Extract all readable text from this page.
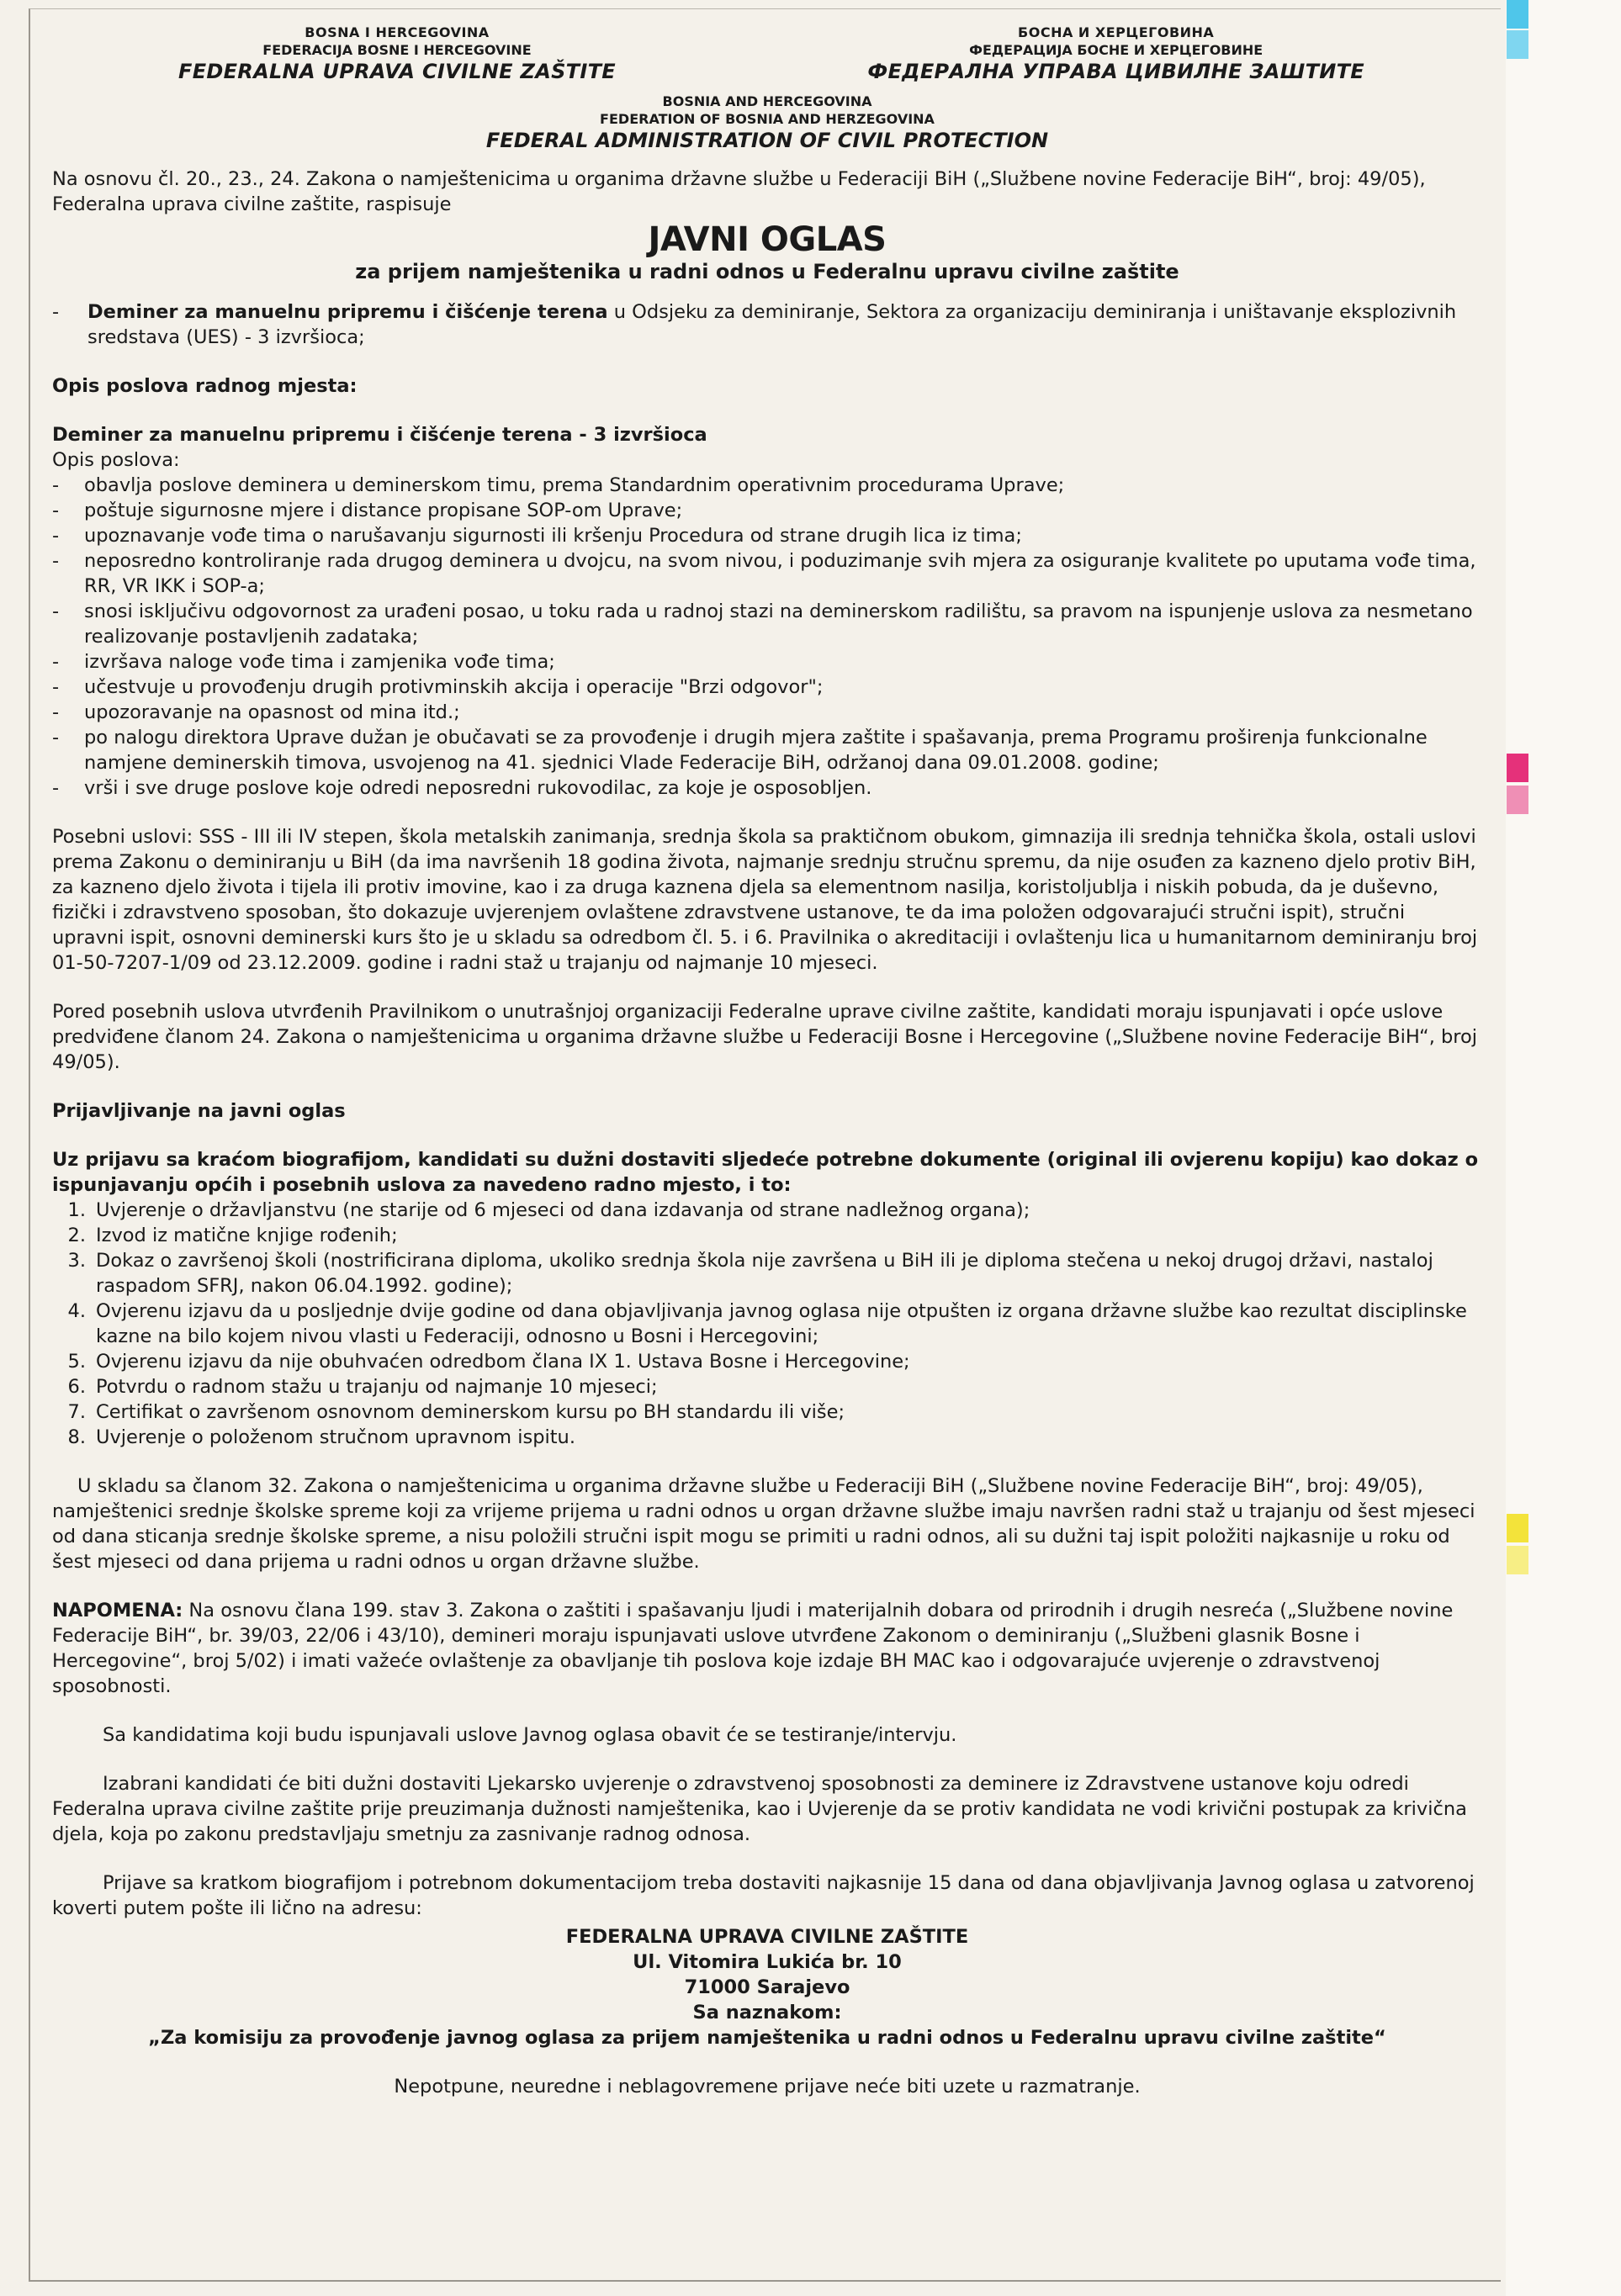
BOSNA I HERCEGOVINA
FEDERACIJA BOSNE I HERCEGOVINE
FEDERALNA UPRAVA CIVILNE ZAŠTITE
БОСНА И ХЕРЦЕГОВИНА
ФЕДЕРАЦИЈА БОСНЕ И ХЕРЦЕГОВИНЕ
ФЕДЕРАЛНА УПРАВА ЦИВИЛНЕ ЗАШТИТЕ
BOSNIA AND HERCEGOVINA
FEDERATION OF BOSNIA AND HERZEGOVINA
FEDERAL ADMINISTRATION OF CIVIL PROTECTION

Na osnovu čl. 20., 23., 24. Zakona o namještenicima u organima državne službe u Federaciji BiH („Službene novine Federacije BiH“, broj: 49/05), Federalna uprava civilne zaštite, raspisuje

JAVNI OGLAS
za prijem namještenika u radni odnos u Federalnu upravu civilne zaštite
-	Deminer za manuelnu pripremu i čišćenje terena u Odsjeku za deminiranje, Sektora za organizaciju deminiranja i uništavanje eksplozivnih sredstava (UES) - 3 izvršioca;

Opis poslova radnog mjesta:

Deminer za manuelnu pripremu i čišćenje terena - 3 izvršioca

Opis poslova:

-	obavlja poslove deminera u deminerskom timu, prema Standardnim operativnim procedurama Uprave;
-	poštuje sigurnosne mjere i distance propisane SOP-om Uprave;
-	upoznavanje vođe tima o narušavanju sigurnosti ili kršenju Procedura od strane drugih lica iz tima;
-	neposredno kontroliranje rada drugog deminera u dvojcu, na svom nivou, i poduzimanje svih mjera za osiguranje kvalitete po uputama vođe tima, RR, VR IKK i SOP-a;
-	snosi isključivu odgovornost za urađeni posao, u toku rada u radnoj stazi na deminerskom radilištu, sa pravom na ispunjenje uslova za nesmetano realizovanje postavljenih zadataka;
-	izvršava naloge vođe tima i zamjenika vođe tima;
-	učestvuje u provođenju drugih protivminskih akcija i operacije "Brzi odgovor";
-	upozoravanje na opasnost od mina itd.;
-	po nalogu direktora Uprave dužan je obučavati se za provođenje i drugih mjera zaštite i spašavanja, prema Programu proširenja funkcionalne namjene deminerskih timova, usvojenog na 41. sjednici Vlade Federacije BiH, održanoj dana 09.01.2008. godine;
-	vrši i sve druge poslove koje odredi neposredni rukovodilac, za koje je osposobljen.

Posebni uslovi: SSS - III ili IV stepen, škola metalskih zanimanja, srednja škola sa praktičnom obukom, gimnazija ili srednja tehnička škola, ostali uslovi prema Zakonu o deminiranju u BiH (da ima navršenih 18 godina života, najmanje srednju stručnu spremu, da nije osuđen za kazneno djelo protiv BiH, za kazneno djelo života i tijela ili protiv imovine, kao i za druga kaznena djela sa elementnom nasilja, koristoljublja i niskih pobuda, da je duševno, fizički i zdravstveno sposoban, što dokazuje uvjerenjem ovlaštene zdravstvene ustanove, te da ima položen odgovarajući stručni ispit), stručni upravni ispit, osnovni deminerski kurs što je u skladu sa odredbom čl. 5. i 6. Pravilnika o akreditaciji i ovlaštenju lica u humanitarnom deminiranju broj 01-50-7207-1/09 od 23.12.2009. godine i radni staž u trajanju od najmanje 10 mjeseci.

Pored posebnih uslova utvrđenih Pravilnikom o unutrašnjoj organizaciji Federalne uprave civilne zaštite, kandidati moraju ispunjavati i opće uslove predviđene članom 24. Zakona o namještenicima u organima državne službe u Federaciji Bosne i Hercegovine („Službene novine Federacije BiH“, broj 49/05).

Prijavljivanje na javni oglas

Uz prijavu sa kraćom biografijom, kandidati su dužni dostaviti sljedeće potrebne dokumente (original ili ovjerenu kopiju) kao dokaz o ispunjavanju općih i posebnih uslova za navedeno radno mjesto, i to:

1. Uvjerenje o državljanstvu (ne starije od 6 mjeseci od dana izdavanja od strane nadležnog organa);
2. Izvod iz matične knjige rođenih;
3. Dokaz o završenoj školi (nostrificirana diploma, ukoliko srednja škola nije završena u BiH ili je diploma stečena u nekoj drugoj državi, nastaloj raspadom SFRJ, nakon 06.04.1992. godine);
4. Ovjerenu izjavu da u posljednje dvije godine od dana objavljivanja javnog oglasa nije otpušten iz organa državne službe kao rezultat disciplinske kazne na bilo kojem nivou vlasti u Federaciji, odnosno u Bosni i Hercegovini;
5. Ovjerenu izjavu da nije obuhvaćen odredbom člana IX 1. Ustava Bosne i Hercegovine;
6. Potvrdu o radnom stažu u trajanju od najmanje 10 mjeseci;
7. Certifikat o završenom osnovnom deminerskom kursu po BH standardu ili više;
8. Uvjerenje o položenom stručnom upravnom ispitu.

U skladu sa članom 32. Zakona o namještenicima u organima državne službe u Federaciji BiH („Službene novine Federacije BiH“, broj: 49/05), namještenici srednje školske spreme koji za vrijeme prijema u radni odnos u organ državne službe imaju navršen radni staž u trajanju od šest mjeseci od dana sticanja srednje školske spreme, a nisu položili stručni ispit mogu se primiti u radni odnos, ali su dužni taj ispit položiti najkasnije u roku od šest mjeseci od dana prijema u radni odnos u organ državne službe.

NAPOMENA: Na osnovu člana 199. stav 3. Zakona o zaštiti i spašavanju ljudi i materijalnih dobara od prirodnih i drugih nesreća („Službene novine Federacije BiH“, br. 39/03, 22/06 i 43/10), demineri moraju ispunjavati uslove utvrđene Zakonom o deminiranju („Službeni glasnik Bosne i Hercegovine“, broj 5/02) i imati važeće ovlaštenje za obavljanje tih poslova koje izdaje BH MAC kao i odgovarajuće uvjerenje o zdravstvenoj sposobnosti.

Sa kandidatima koji budu ispunjavali uslove Javnog oglasa obavit će se testiranje/intervju.

Izabrani kandidati će biti dužni dostaviti Ljekarsko uvjerenje o zdravstvenoj sposobnosti za deminere iz Zdravstvene ustanove koju odredi Federalna uprava civilne zaštite prije preuzimanja dužnosti namještenika, kao i Uvjerenje da se protiv kandidata ne vodi krivični postupak za krivična djela, koja po zakonu predstavljaju smetnju za zasnivanje radnog odnosa.

Prijave sa kratkom biografijom i potrebnom dokumentacijom treba dostaviti najkasnije 15 dana od dana objavljivanja Javnog oglasa u zatvorenoj koverti putem pošte ili lično na adresu:

FEDERALNA UPRAVA CIVILNE ZAŠTITE
Ul. Vitomira Lukića br. 10
71000 Sarajevo
Sa naznakom:
„Za komisiju za provođenje javnog oglasa za prijem namještenika u radni odnos u Federalnu upravu civilne zaštite“

Nepotpune, neuredne i neblagovremene prijave neće biti uzete u razmatranje.
